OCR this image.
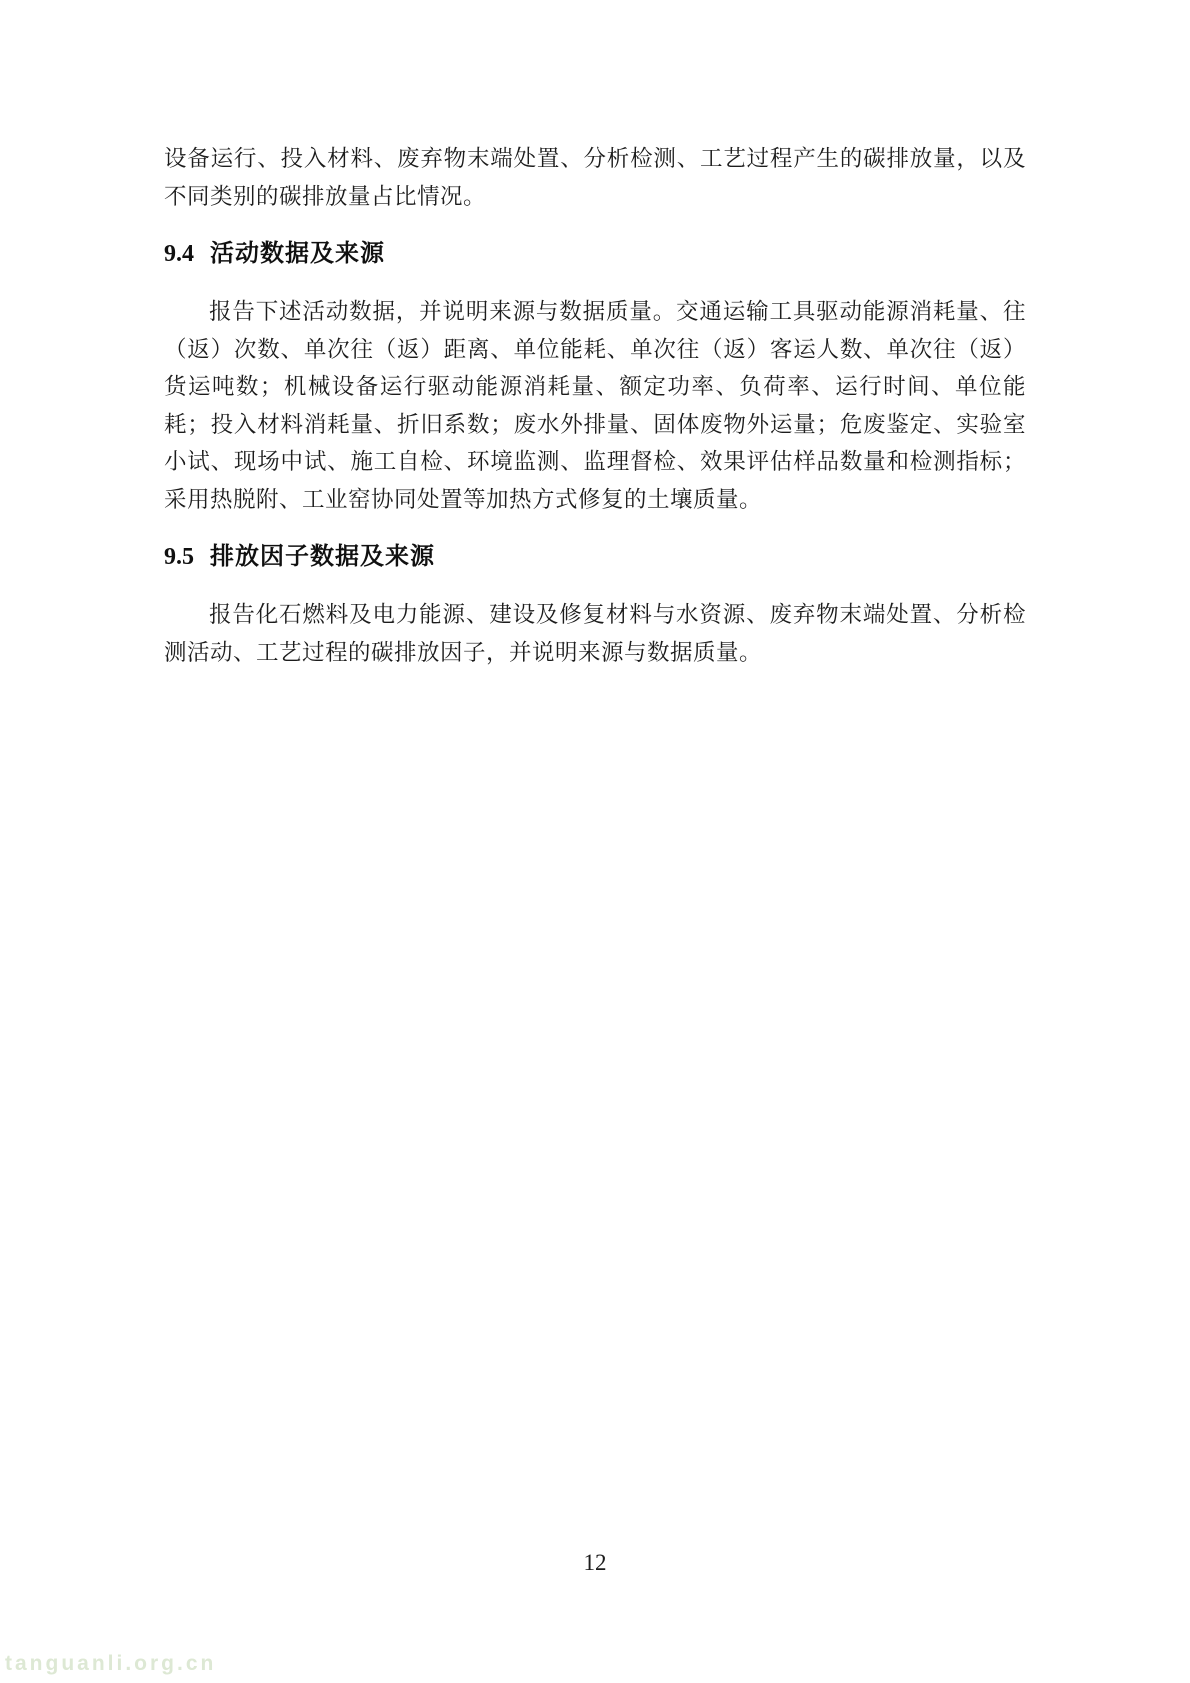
设备运行、投入材料、废弃物末端处置、分析检测、工艺过程产生的碳排放量，以及不同类别的碳排放量占比情况。

9.4 活动数据及来源

报告下述活动数据，并说明来源与数据质量。交通运输工具驱动能源消耗量、往（返）次数、单次往（返）距离、单位能耗、单次往（返）客运人数、单次往（返）货运吨数；机械设备运行驱动能源消耗量、额定功率、负荷率、运行时间、单位能耗；投入材料消耗量、折旧系数；废水外排量、固体废物外运量；危废鉴定、实验室小试、现场中试、施工自检、环境监测、监理督检、效果评估样品数量和检测指标；采用热脱附、工业窑协同处置等加热方式修复的土壤质量。

9.5 排放因子数据及来源

报告化石燃料及电力能源、建设及修复材料与水资源、废弃物末端处置、分析检测活动、工艺过程的碳排放因子，并说明来源与数据质量。

12
tanguanli.org.cn
